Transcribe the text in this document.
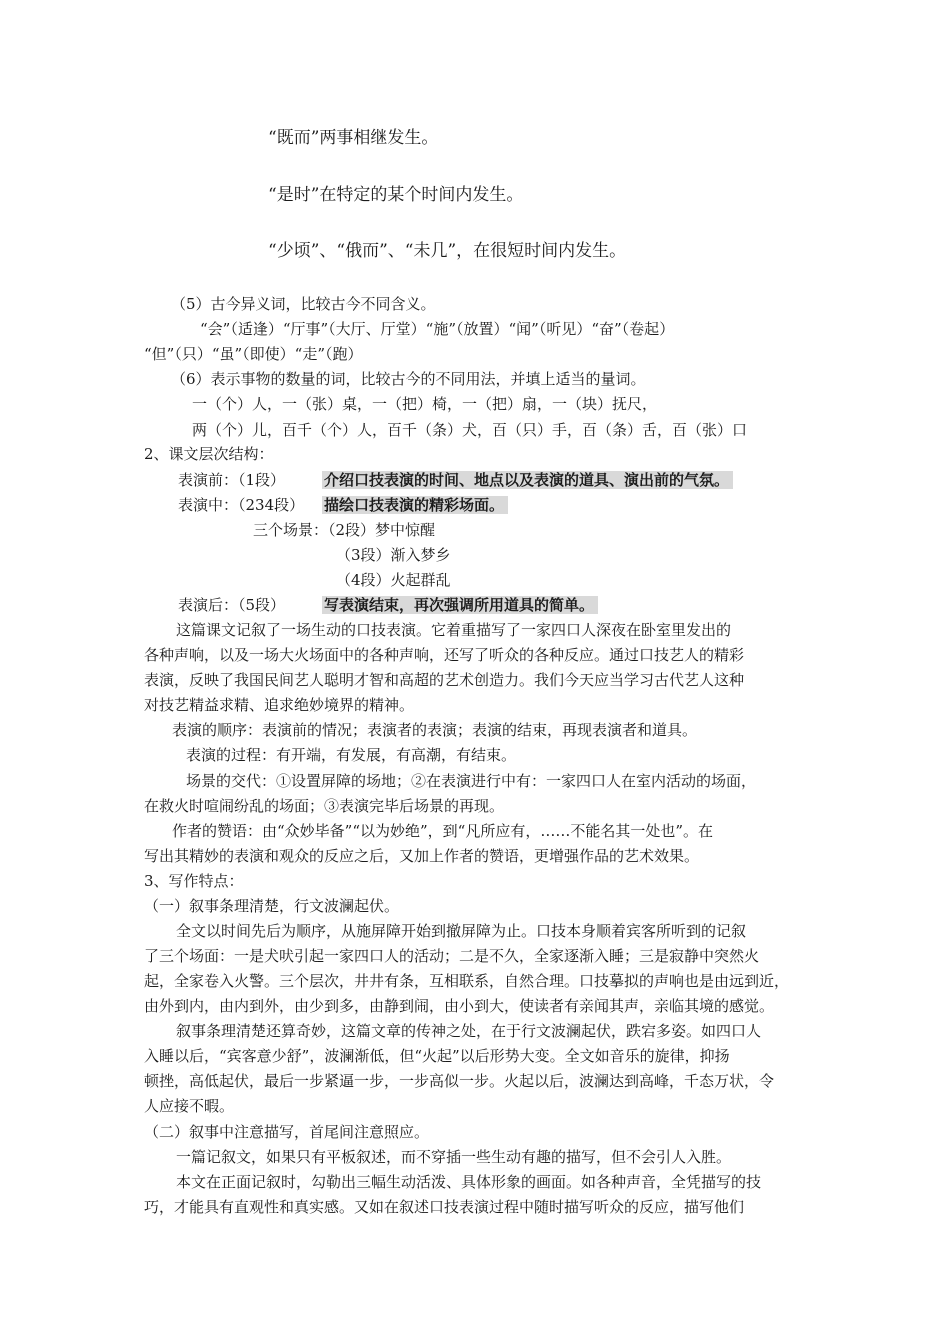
“既而”两事相继发生。
“是时”在特定的某个时间内发生。
“少顷”、“俄而”、“未几”，在很短时间内发生。
（5）古今异义词，比较古今不同含义。
“会”（适逢）“厅事”（大厅、厅堂）“施”（放置）“闻”（听见）“奋”（卷起）
“但”（只）“虽”（即使）“走”（跑）
（6）表示事物的数量的词，比较古今的不同用法，并填上适当的量词。
一（个）人，一（张）桌，一（把）椅，一（把）扇，一（块）抚尺，
两（个）儿，百千（个）人，百千（条）犬，百（只）手，百（条）舌，百（张）口
2、课文层次结构：
表演前：（1段）	介绍口技表演的时间、地点以及表演的道具、演出前的气氛。
表演中：（234段） 描绘口技表演的精彩场面。
三个场景：（2段）梦中惊醒
（3段）渐入梦乡
（4段）火起群乱
表演后：（5段）	写表演结束，再次强调所用道具的简单。
这篇课文记叙了一场生动的口技表演。它着重描写了一家四口人深夜在卧室里发出的
各种声响，以及一场大火场面中的各种声响，还写了听众的各种反应。通过口技艺人的精彩
表演，反映了我国民间艺人聪明才智和高超的艺术创造力。我们今天应当学习古代艺人这种
对技艺精益求精、追求绝妙境界的精神。
表演的顺序：表演前的情况；表演者的表演；表演的结束，再现表演者和道具。
表演的过程：有开端，有发展，有高潮，有结束。
场景的交代：①设置屏障的场地；②在表演进行中有：一家四口人在室内活动的场面，
在救火时喧闹纷乱的场面；③表演完毕后场景的再现。
作者的赞语：由“众妙毕备”“以为妙绝”，到“凡所应有，……不能名其一处也”。在
写出其精妙的表演和观众的反应之后，又加上作者的赞语，更增强作品的艺术效果。
3、写作特点：
（一）叙事条理清楚，行文波澜起伏。
全文以时间先后为顺序，从施屏障开始到撤屏障为止。口技本身顺着宾客所听到的记叙
了三个场面：一是犬吠引起一家四口人的活动；二是不久，全家逐渐入睡；三是寂静中突然火
起，全家卷入火警。三个层次，井井有条，互相联系，自然合理。口技摹拟的声响也是由远到近，
由外到内，由内到外，由少到多，由静到闹，由小到大，使读者有亲闻其声，亲临其境的感觉。
叙事条理清楚还算奇妙，这篇文章的传神之处，在于行文波澜起伏，跌宕多姿。如四口人
入睡以后，“宾客意少舒”，波澜渐低，但“火起”以后形势大变。全文如音乐的旋律，抑扬
顿挫，高低起伏，最后一步紧逼一步，一步高似一步。火起以后，波澜达到高峰，千态万状，令
人应接不暇。
（二）叙事中注意描写，首尾间注意照应。
一篇记叙文，如果只有平板叙述，而不穿插一些生动有趣的描写，但不会引人入胜。
本文在正面记叙时，勾勒出三幅生动活泼、具体形象的画面。如各种声音，全凭描写的技
巧，才能具有直观性和真实感。又如在叙述口技表演过程中随时描写听众的反应，描写他们
